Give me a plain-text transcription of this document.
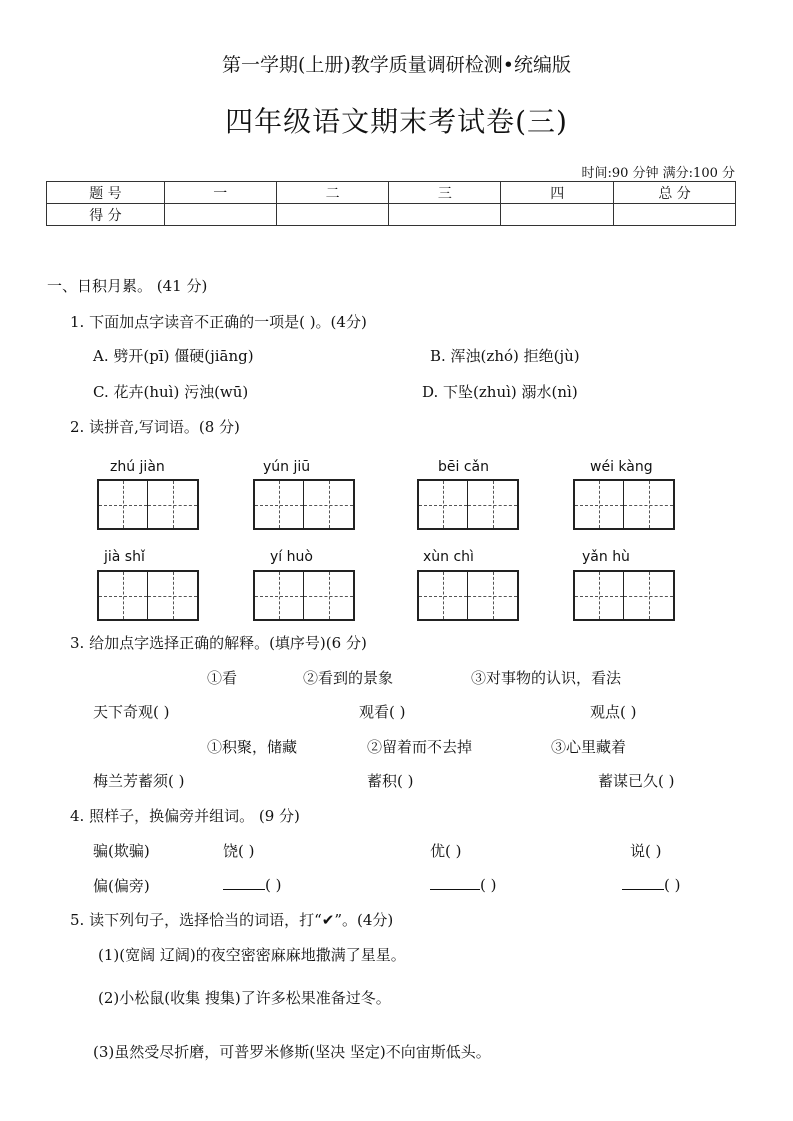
第一学期(上册)教学质量调研检测•统编版
四年级语文期末考试卷(三)
时间:90 分钟 满分:100 分
题 号	一	二	三	四	总 分
得 分					
一、日积月累。 (41 分)
1. 下面加点字读音不正确的一项是( )。(4分)
A. 劈开(pī) 僵硬(jiāng)	B. 浑浊(zhó) 拒绝(jù)
C. 花卉(huì) 污浊(wū)	D. 下坠(zhuì) 溺水(nì)
2. 读拼音,写词语。(8 分)
zhú jiàn	yún jiū	bēi cǎn	wéi kàng
jià shǐ	yí huò	xùn chì	yǎn hù
3. 给加点字选择正确的解释。(填序号)(6 分)
①看	②看到的景象	③对事物的认识，看法
天下奇观( )	观看( )	观点( )
①积聚，储藏	②留着而不去掉	③心里藏着
梅兰芳蓄须( )	蓄积( )	蓄谋已久( )
4. 照样子，换偏旁并组词。 (9 分)
骗(欺骗)	饶( )	优( )	说( )
偏(偏旁)	( )	( )	( )
5. 读下列句子，选择恰当的词语，打“✔”。(4分)
(1)(宽阔 辽阔)的夜空密密麻麻地撒满了星星。
(2)小松鼠(收集 搜集)了许多松果准备过冬。
(3)虽然受尽折磨，可普罗米修斯(坚决 坚定)不向宙斯低头。
